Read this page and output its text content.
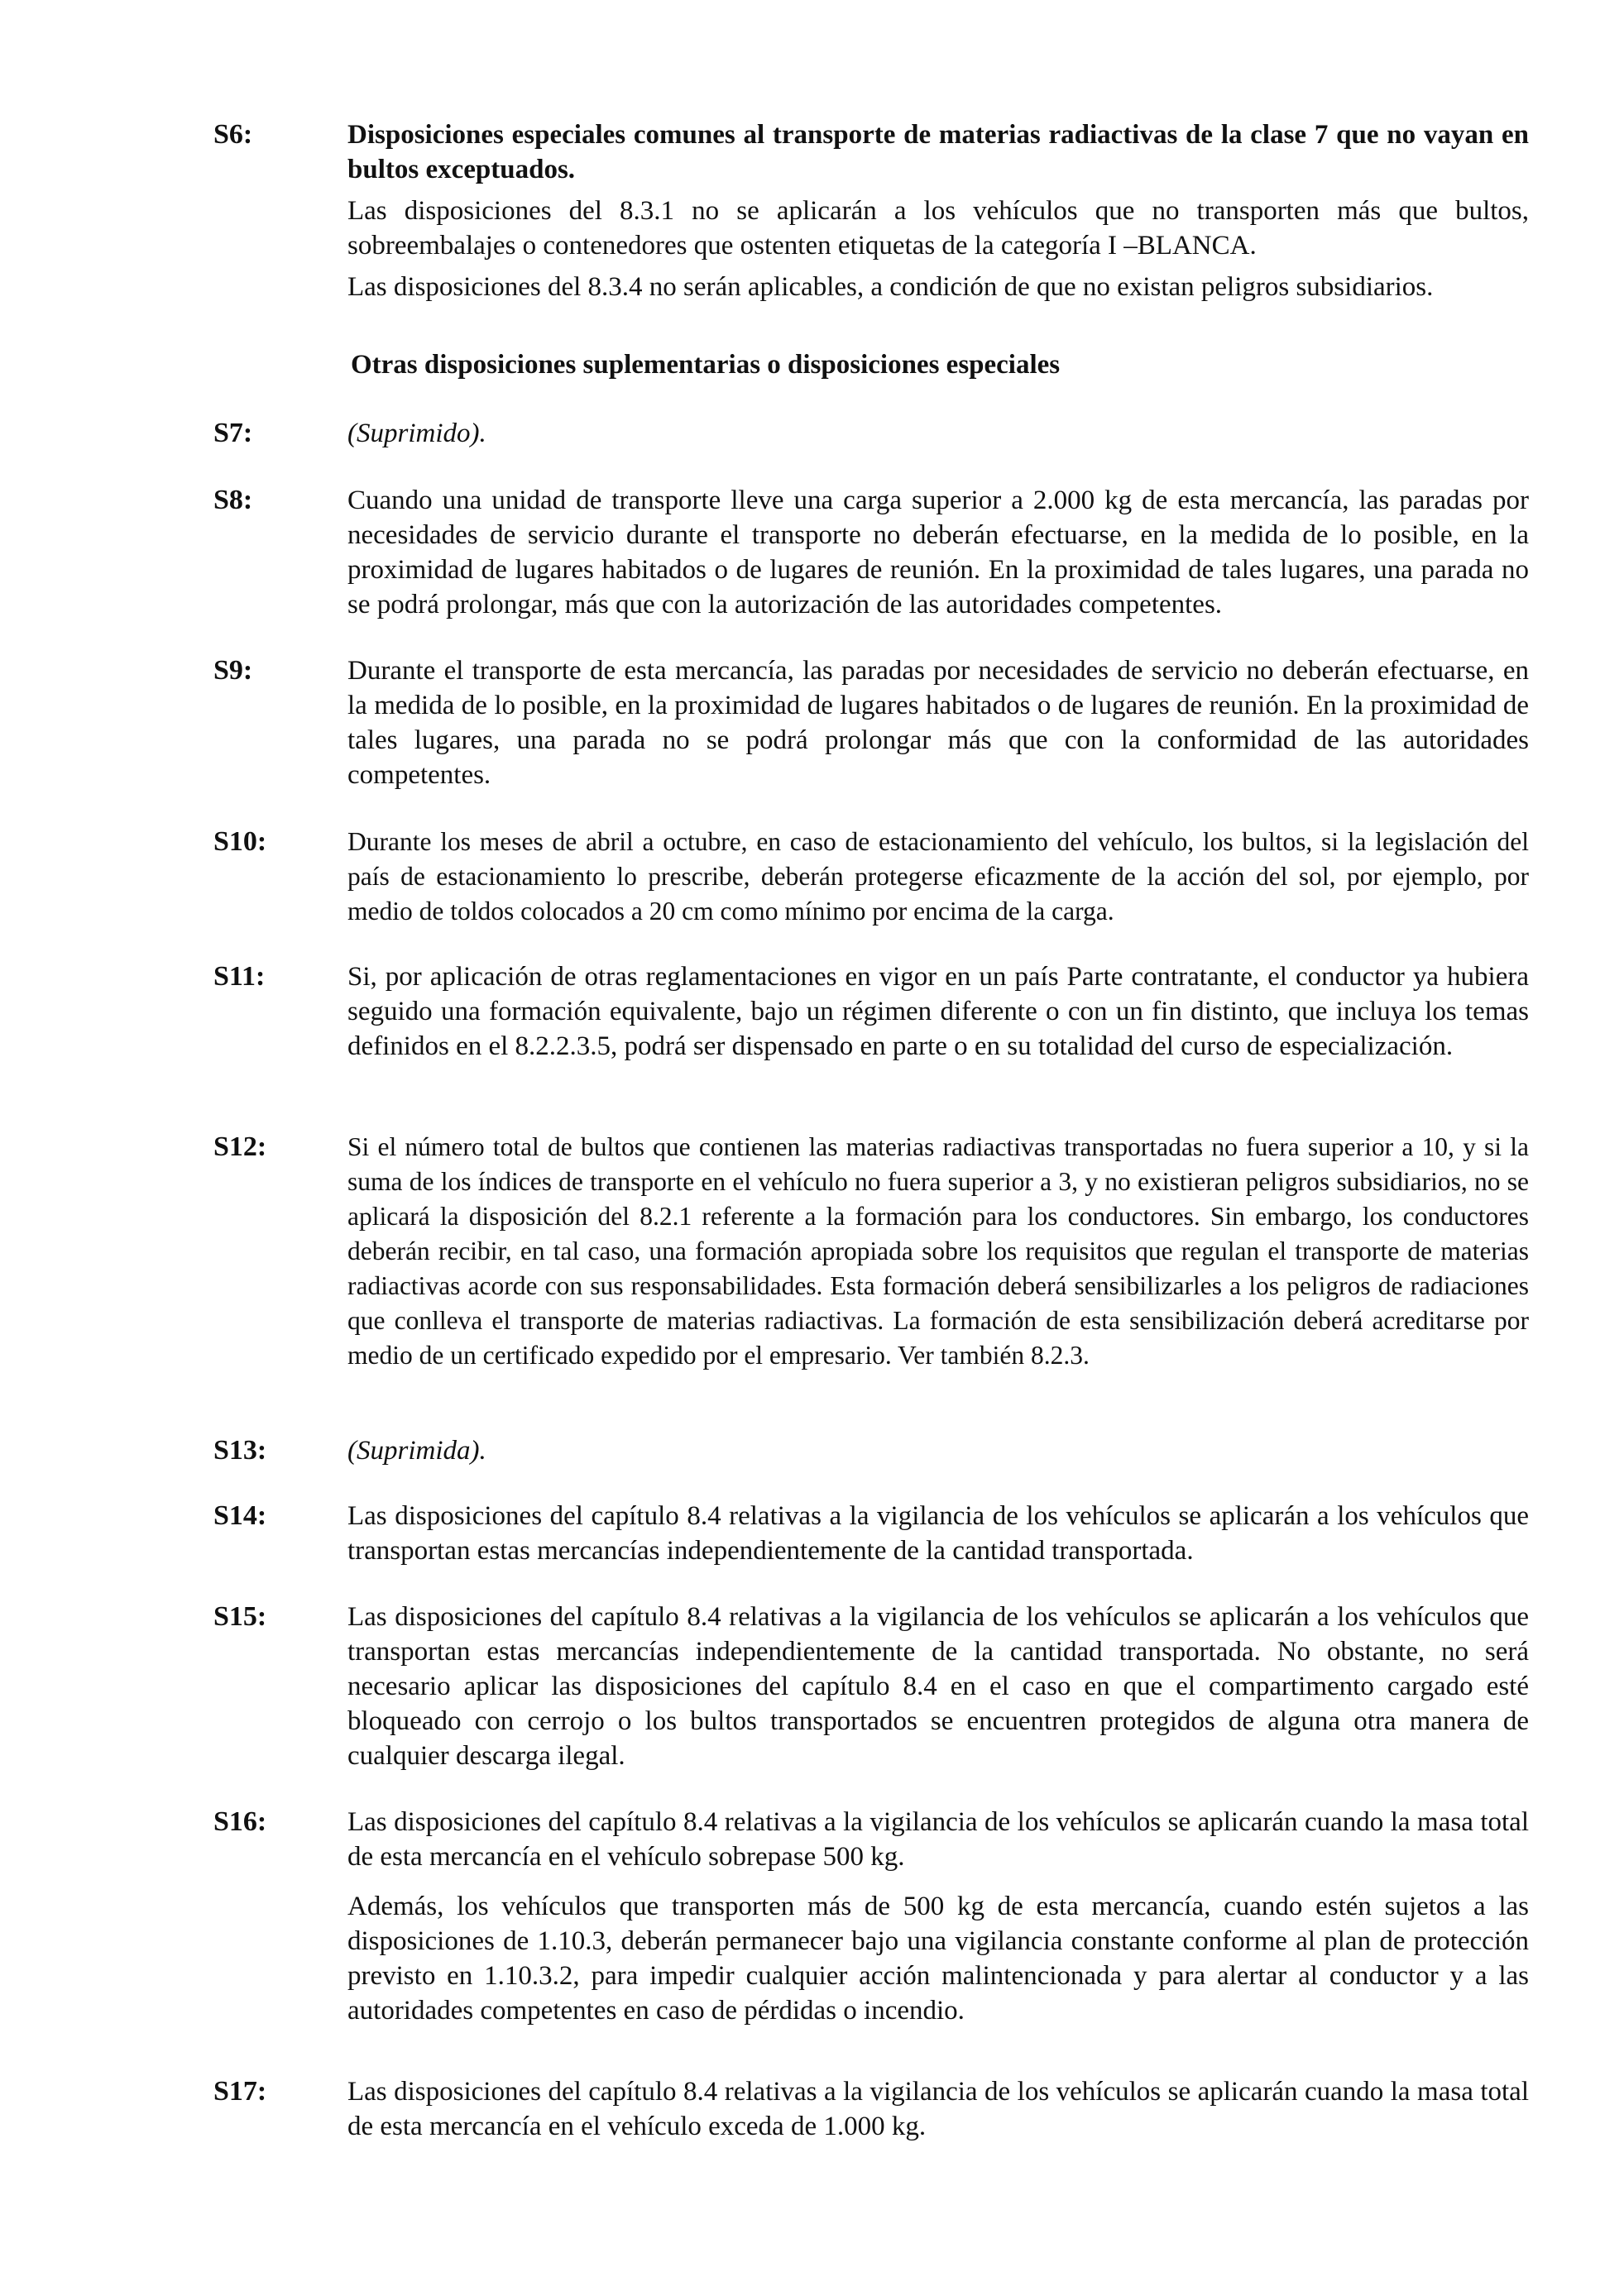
S6:	Disposiciones especiales comunes al transporte de materias radiactivas de la clase 7 que no vayan en bultos exceptuados.

Las disposiciones del 8.3.1 no se aplicarán a los vehículos que no transporten más que bultos, sobreembalajes o contenedores que ostenten etiquetas de la categoría I –BLANCA.

Las disposiciones del 8.3.4 no serán aplicables, a condición de que no existan peligros subsidiarios.

Otras disposiciones suplementarias o disposiciones especiales
S7:	(Suprimido).

S8:	Cuando una unidad de transporte lleve una carga superior a 2.000 kg de esta mercancía, las paradas por necesidades de servicio durante el transporte no deberán efectuarse, en la medida de lo posible, en la proximidad de lugares habitados o de lugares de reunión. En la proximidad de tales lugares, una parada no se podrá prolongar, más que con la autorización de las autoridades competentes.

S9:	Durante el transporte de esta mercancía, las paradas por necesidades de servicio no deberán efectuarse, en la medida de lo posible, en la proximidad de lugares habitados o de lugares de reunión. En la proximidad de tales lugares, una parada no se podrá prolongar más que con la conformidad de las autoridades competentes.

S10:	Durante los meses de abril a octubre, en caso de estacionamiento del vehículo, los bultos, si la legislación del país de estacionamiento lo prescribe, deberán protegerse eficazmente de la acción del sol, por ejemplo, por medio de toldos colocados a 20 cm como mínimo por encima de la carga.

S11:	Si, por aplicación de otras reglamentaciones en vigor en un país Parte contratante, el conductor ya hubiera seguido una formación equivalente, bajo un régimen diferente o con un fin distinto, que incluya los temas definidos en el 8.2.2.3.5, podrá ser dispensado en parte o en su totalidad del curso de especialización.

S12:	Si el número total de bultos que contienen las materias radiactivas transportadas no fuera superior a 10, y si la suma de los índices de transporte en el vehículo no fuera superior a 3, y no existieran peligros subsidiarios, no se aplicará la disposición del 8.2.1 referente a la formación para los conductores. Sin embargo, los conductores deberán recibir, en tal caso, una formación apropiada sobre los requisitos que regulan el transporte de materias radiactivas acorde con sus responsabilidades. Esta formación deberá sensibilizarles a los peligros de radiaciones que conlleva el transporte de materias radiactivas. La formación de esta sensibilización deberá acreditarse por medio de un certificado expedido por el empresario. Ver también 8.2.3.

S13:	(Suprimida).

S14:	Las disposiciones del capítulo 8.4 relativas a la vigilancia de los vehículos se aplicarán a los vehículos que transportan estas mercancías independientemente de la cantidad transportada.

S15:	Las disposiciones del capítulo 8.4 relativas a la vigilancia de los vehículos se aplicarán a los vehículos que transportan estas mercancías independientemente de la cantidad transportada. No obstante, no será necesario aplicar las disposiciones del capítulo 8.4 en el caso en que el compartimento cargado esté bloqueado con cerrojo o los bultos transportados se encuentren protegidos de alguna otra manera de cualquier descarga ilegal.

S16:	Las disposiciones del capítulo 8.4 relativas a la vigilancia de los vehículos se aplicarán cuando la masa total de esta mercancía en el vehículo sobrepase 500 kg.

Además, los vehículos que transporten más de 500 kg de esta mercancía, cuando estén sujetos a las disposiciones de 1.10.3, deberán permanecer bajo una vigilancia constante conforme al plan de protección previsto en 1.10.3.2, para impedir cualquier acción malintencionada y para alertar al conductor y a las autoridades competentes en caso de pérdidas o incendio.

S17:	Las disposiciones del capítulo 8.4 relativas a la vigilancia de los vehículos se aplicarán cuando la masa total de esta mercancía en el vehículo exceda de 1.000 kg.
